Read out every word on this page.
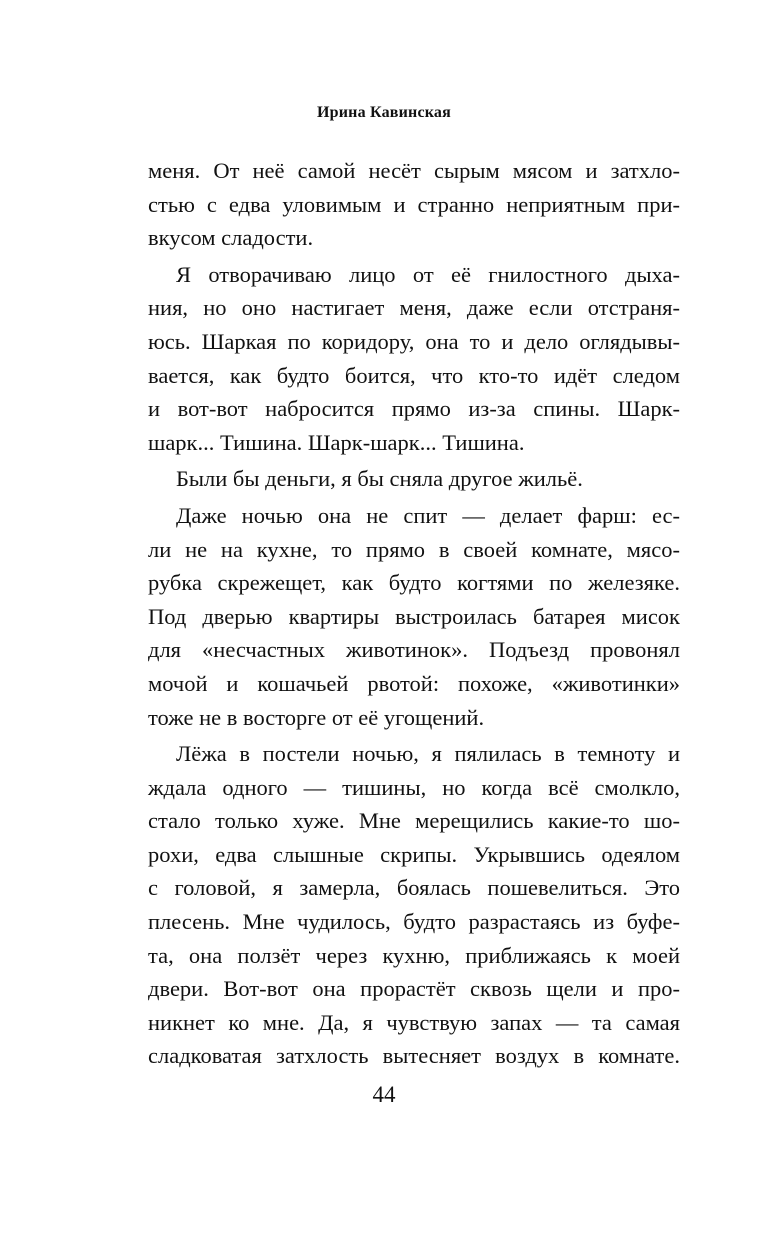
Ирина Кавинская
меня. От неё самой несёт сырым мясом и затхло-
стью с едва уловимым и странно неприятным при-
вкусом сладости.
Я отворачиваю лицо от её гнилостного дыха-
ния, но оно настигает меня, даже если отстраня-
юсь. Шаркая по коридору, она то и дело оглядывы-
вается, как будто боится, что кто-то идёт следом
и вот-вот набросится прямо из-за спины. Шарк-
шарк... Тишина. Шарк-шарк... Тишина.
Были бы деньги, я бы сняла другое жильё.
Даже ночью она не спит — делает фарш: ес-
ли не на кухне, то прямо в своей комнате, мясо-
рубка скрежещет, как будто когтями по железяке.
Под дверью квартиры выстроилась батарея мисок
для «несчастных животинок». Подъезд провонял
мочой и кошачьей рвотой: похоже, «животинки»
тоже не в восторге от её угощений.
Лёжа в постели ночью, я пялилась в темноту и
ждала одного — тишины, но когда всё смолкло,
стало только хуже. Мне мерещились какие-то шо-
рохи, едва слышные скрипы. Укрывшись одеялом
с головой, я замерла, боялась пошевелиться. Это
плесень. Мне чудилось, будто разрастаясь из буфе-
та, она ползёт через кухню, приближаясь к моей
двери. Вот-вот она прорастёт сквозь щели и про-
никнет ко мне. Да, я чувствую запах — та самая
сладковатая затхлость вытесняет воздух в комнате.
44
